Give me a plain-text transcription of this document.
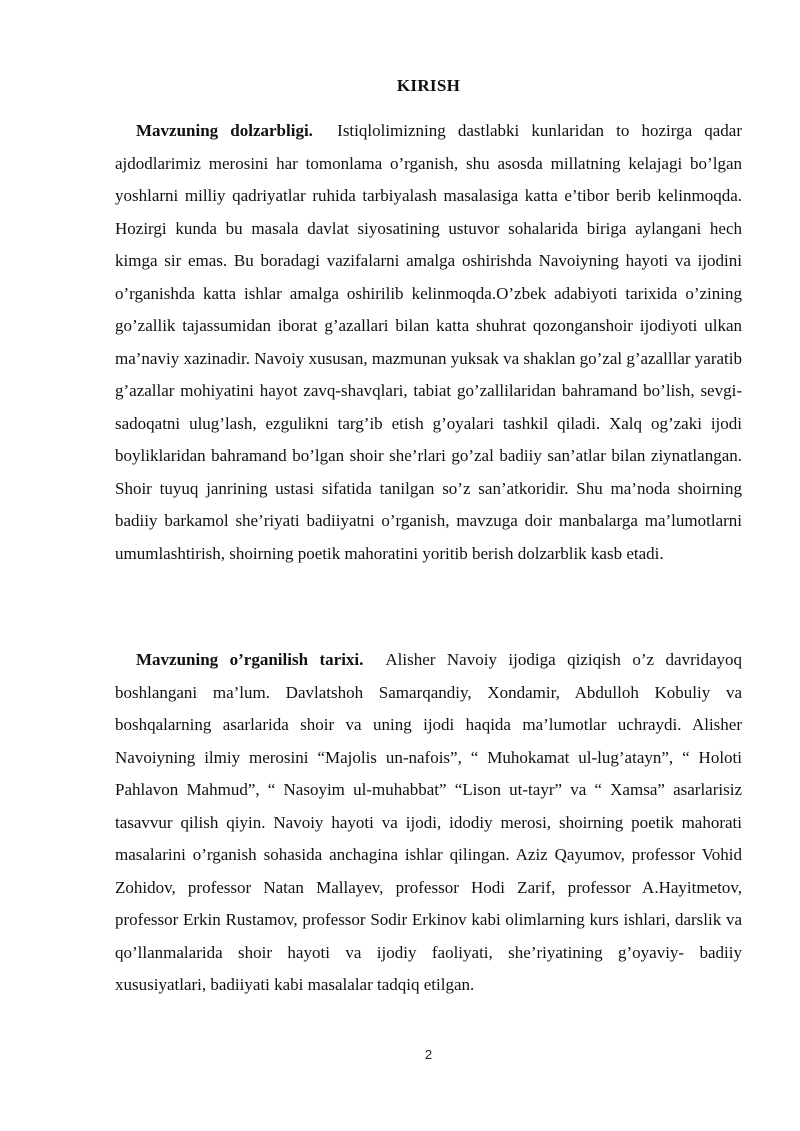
KIRISH

Mavzuning dolzarbligi. Istiqlolimizning dastlabki kunlaridan to hozirga qadar ajdodlarimiz merosini har tomonlama o’rganish, shu asosda millatning kelajagi bo’lgan yoshlarni milliy qadriyatlar ruhida tarbiyalash masalasiga katta e’tibor berib kelinmoqda. Hozirgi kunda bu masala davlat siyosatining ustuvor sohalarida biriga aylangani hech kimga sir emas. Bu boradagi vazifalarni amalga oshirishda Navoiyning hayoti va ijodini o’rganishda katta ishlar amalga oshirilib kelinmoqda.O’zbek adabiyoti tarixida o’zining go’zallik tajassumidan iborat g’azallari bilan katta shuhrat qozonganshoir ijodiyoti ulkan ma’naviy xazinadir. Navoiy xususan, mazmunan yuksak va shaklan go’zal g’azalllar yaratib g’azallar mohiyatini hayot zavq-shavqlari, tabiat go’zallilaridan bahramand bo’lish, sevgi-sadoqatni ulug’lash, ezgulikni targ’ib etish g’oyalari tashkil qiladi. Xalq og’zaki ijodi boyliklaridan bahramand bo’lgan shoir she’rlari go’zal badiiy san’atlar bilan ziynatlangan. Shoir tuyuq janrining ustasi sifatida tanilgan so’z san’atkoridir. Shu ma’noda shoirning badiiy barkamol she’riyati badiiyatni o’rganish, mavzuga doir manbalarga ma’lumotlarni umumlashtirish, shoirning poetik mahoratini yoritib berish dolzarblik kasb etadi.

Mavzuning o’rganilish tarixi. Alisher Navoiy ijodiga qiziqish o’z davridayoq boshlangani ma’lum. Davlatshoh Samarqandiy, Xondamir, Abdulloh Kobuliy va boshqalarning asarlarida shoir va uning ijodi haqida ma’lumotlar uchraydi. Alisher Navoiyning ilmiy merosini “Majolis un-nafois”, “ Muhokamat ul-lug’atayn”, “ Holoti Pahlavon Mahmud”, “ Nasoyim ul-muhabbat” “Lison ut-tayr” va “ Xamsa” asarlarisiz tasavvur qilish qiyin. Navoiy hayoti va ijodi, idodiy merosi, shoirning poetik mahorati masalarini o’rganish sohasida anchagina ishlar qilingan. Aziz Qayumov, professor Vohid Zohidov, professor Natan Mallayev, professor Hodi Zarif, professor A.Hayitmetov, professor Erkin Rustamov, professor Sodir Erkinov kabi olimlarning kurs ishlari, darslik va qo’llanmalarida shoir hayoti va ijodiy faoliyati, she’riyatining g’oyaviy- badiiy xususiyatlari, badiiyati kabi masalalar tadqiq etilgan.

2
